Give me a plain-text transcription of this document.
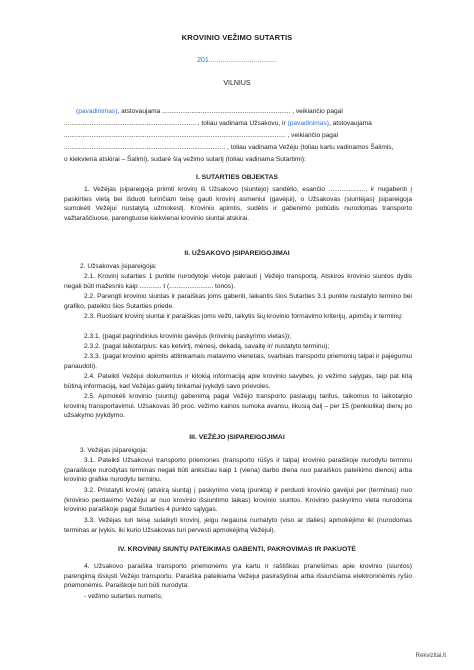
KROVINIO VEŽIMO SUTARTIS
201...................................
VILNIUS
(pavadinimas), atstovaujama ...................................................................... , veikiančio pagal
........................................................................ , toliau vadinama Užsakovu, ir (pavadinimas), atstovaujama
......................................................................................................................... , veikiančio pagal
........................................................................................ , toliau vadinama Vežėju (toliau kartu vadinamos Šalimis,
o kiekviena atskirai – Šalimi), sudarė šią vežimo sutartį (toliau vadinama Sutartimi):
I. SUTARTIES OBJEKTAS

1. Vežėjas įsipareigoja priimti krovinį iš Užsakovo (siuntėjo) sandėlio, esančio ...................., ir nugabenti į paskirties vietą bei išduoti turinčiam teisę gauti krovinį asmeniui (gavėjui), o Užsakovas (siuntėjas) įsipareigoja sumokėti Vežėjui nustatytą užmokestį. Krovinio apimtis, sudėtis ir gabenimo pobūdis nurodomas transporto važtaraščiuose, parengtuose kiekvienai krovinio siuntai atskirai.

II. UŽSAKOVO ĮSIPAREIGOJIMAI

2. Užsakovas įsipareigoja:

2.1. Krovinį sutarties 1 punkte nurodytoje vietoje pakrauti į Vežėjo transportą. Atskiros krovinio siuntos dydis negali būti mažesnis kaip ............ t (........................ tonos).

2.2. Parengti krovinio siuntas ir paraiškas joms gabenti, laikantis šios Sutarties 3.1 punkte nustatyto termino bei grafiko, pateikto šios Sutarties priede.

2.3. Ruošiant krovinį siuntai ir paraiškas joms vežti, laikytis šių krovinio formavimo kriterijų, apimčių ir terminų:

2.3.1. (pagal pagrindinius krovinio gavėjus (krovinių paskyrimo vietas));

2.3.2. (pagal laikotarpius: kas ketvirtį, mėnesį, dekadą, savaitę ir/ nustatyto terminu);

2.3.3. (pagal krovinio apimtis atitinkamais matavimo vienetais, svarbiais transporto priemonių talpai ir pajėgumui panaudoti).

2.4. Pateikti Vežėjui dokumentus ir kitokią informaciją apie krovinio savybes, jo vežimo sąlygas, taip pat kitą būtiną informaciją, kad Vežėjas galėtų tinkamai įvykdyti savo prievoles.

2.5. Apmokėti krovinio (siuntų) gabenimą pagal Vežėjo transporto paslaugų tarifus, taikomus to laikotarpio krovinių transportavimui. Užsakovas 30 proc. vežimo kainos sumoka avansu, likusią dalį – per 15 (penkiolika) dienų po užsakymo įvykdymo.

III. VEŽĖJO ĮSIPAREIGOJIMAI

3. Vežėjas įsipareigoja:

3.1. Pateikti Užsakovui transporto priemones (transporto rūšys ir talpa) krovinio paraiškoje nurodytu terminu (paraiškoje nurodytas terminas negali būti anksčiau kaip 1 (viena) darbo diena nuo paraiškos pateikimo dienos) arba krovinio grafike nurodytu terminu.

3.2. Pristatyti krovinį (atskirą siuntą) į paskyrimo vietą (punktą) ir perduoti krovinio gavėjui per (terminas) nuo (krovinio perdavimo Vežėjui ar nuo krovinio išsiuntimo laikas) krovinio siuntos. Krovinio paskyrimo vieta nurodoma krovinio paraiškoje pagal Sutarties 4 punkto sąlygas.

3.3. Vežėjas turi teisę sulaikyti krovinį, jeigu negauna numatyto (viso ar dalies) apmokėjimo iki (nurodomas terminas ar įvykis, iki kurio Užsakovas turi pervesti apmokėjimą Vežėjui).

IV. KROVINIŲ SIUNTŲ PATEIKIMAS GABENTI, PAKROVIMAS IR PAKUOTĖ

4. Užsakovo paraiška transporto priemonėms yra kartu ir raštiškas pranešimas apie krovinio (siuntos) parengimą išsiųsti Vežėjo transportu. Paraiška pateikiama Vežėjui pasirašytinai arba išsiunčiama elektroninėmis ryšio priemonėmis. Paraiškoje turi būti nurodyta:

- vežimo sutarties numeris;

Rekvizitai.lt
